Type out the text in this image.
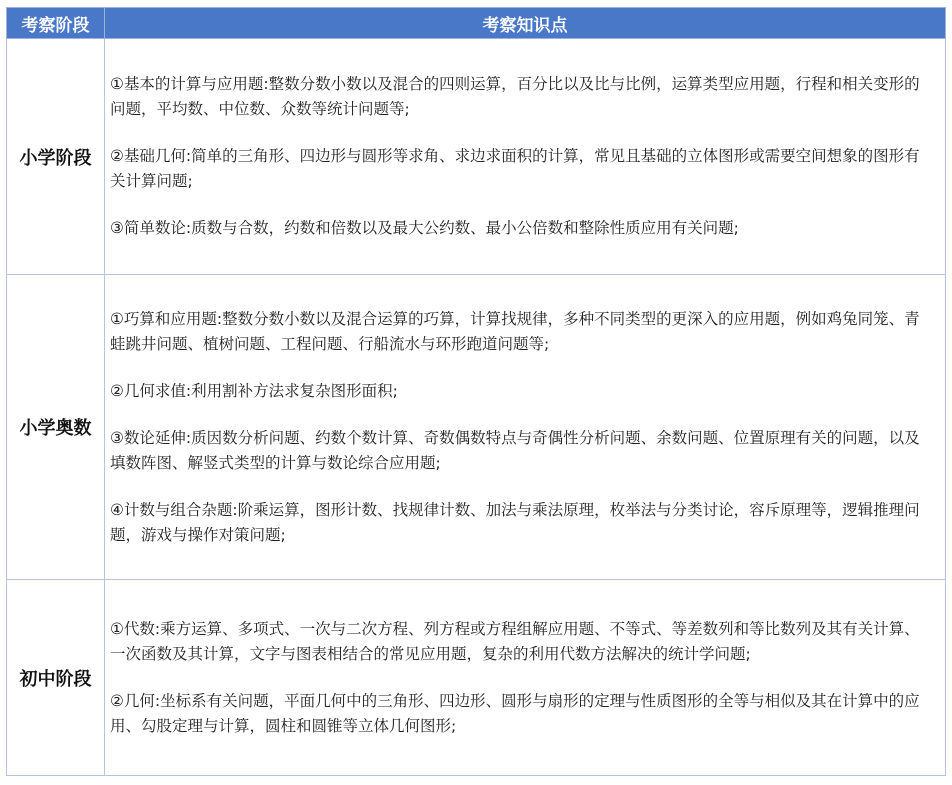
考察阶段	考察知识点
小学阶段	①基本的计算与应用题:整数分数小数以及混合的四则运算，百分比以及比与比例，运算类型应用题，行程和相关变形的问题，平均数、中位数、众数等统计问题等;

②基础几何:简单的三角形、四边形与圆形等求角、求边求面积的计算，常见且基础的立体图形或需要空间想象的图形有关计算问题;

③简单数论:质数与合数，约数和倍数以及最大公约数、最小公倍数和整除性质应用有关问题;

小学奥数	①巧算和应用题:整数分数小数以及混合运算的巧算，计算找规律，多种不同类型的更深入的应用题，例如鸡兔同笼、青蛙跳井问题、植树问题、工程问题、行船流水与环形跑道问题等;

②几何求值:利用割补方法求复杂图形面积;

③数论延伸:质因数分析问题、约数个数计算、奇数偶数特点与奇偶性分析问题、余数问题、位置原理有关的问题，以及填数阵图、解竖式类型的计算与数论综合应用题;

④计数与组合杂题:阶乘运算，图形计数、找规律计数、加法与乘法原理，枚举法与分类讨论，容斥原理等，逻辑推理问题，游戏与操作对策问题;

初中阶段	①代数:乘方运算、多项式、一次与二次方程、列方程或方程组解应用题、不等式、等差数列和等比数列及其有关计算、一次函数及其计算，文字与图表相结合的常见应用题，复杂的利用代数方法解决的统计学问题;

②几何:坐标系有关问题，平面几何中的三角形、四边形、圆形与扇形的定理与性质图形的全等与相似及其在计算中的应用、勾股定理与计算，圆柱和圆锥等立体几何图形;
